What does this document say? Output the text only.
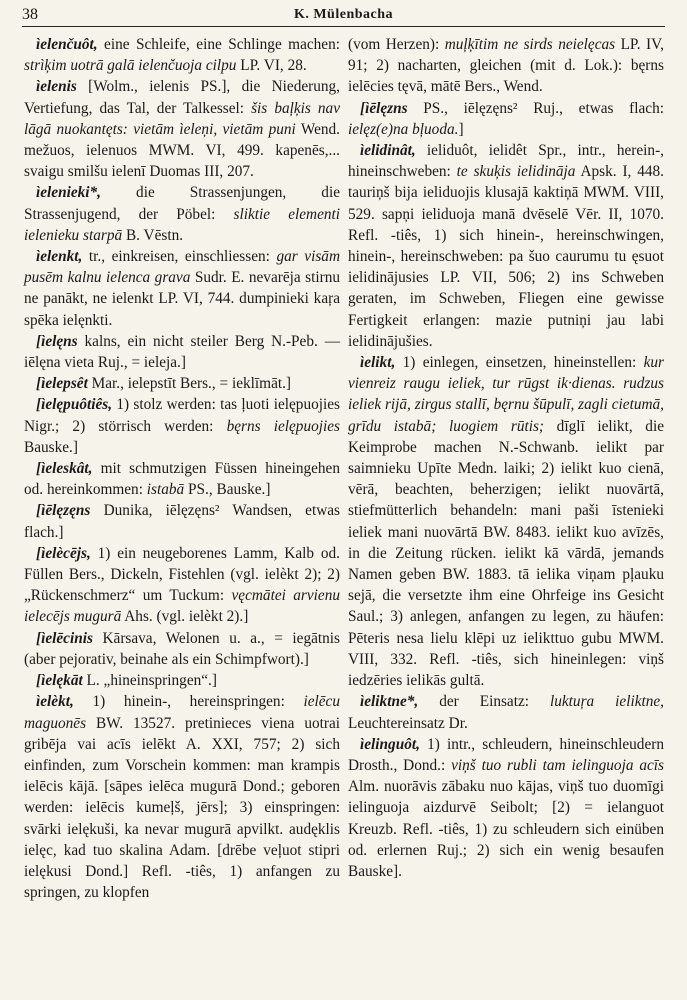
38	K. Mülenbacha

ìelenčuôt, eine Schleife, eine Schlinge machen: strìķim uotrā galā ielenčuoja cilpu LP. VI, 28.

ìelenis [Wolm., ielenis PS.], die Niederung, Vertiefung, das Tal, der Talkessel: šis baļķis nav lāgā nuokantęts: vietām ìeleņi, vietām puni Wend. mežuos, ielenuos MWM. VI, 499. kapenēs,... svaigu smilšu ielenī Duomas III, 207.

ìelenieki*, die Strassenjungen, die Strassenjugend, der Pöbel: sliktie elementi ielenieku starpā B. Vēstn.

ìelenkt, tr., einkreisen, einschliessen: gar visām pusēm kalnu ielenca grava Sudr. E. nevarēja stirnu ne panākt, ne ielenkt LP. VI, 744. dumpinieki kaŗa spēka ielęnkti.

[ìelęns kalns, ein nicht steiler Berg N.-Peb. — iēlęna vieta Ruj., = ieleja.]

[ìelepsêt Mar., ielepstīt Bers., = ieklīmāt.]

[ìelępuôtiês, 1) stolz werden: tas ļuoti ielępuojies Nigr.; 2) störrisch werden: bęrns ielępuojies Bauske.]

[ìeleskât, mit schmutzigen Füssen hineingehen od. hereinkommen: istabā PS., Bauske.]

[ìēlęzęns Dunika, iēlęzęns² Wandsen, etwas flach.]

[ìelècējs, 1) ein neugeborenes Lamm, Kalb od. Füllen Bers., Dickeln, Fistehlen (vgl. ielèkt 2); 2) „Rückenschmerz“ um Tuckum: vęcmātei arvienu ielecējs mugurā Ahs. (vgl. ielèkt 2).]

[ìelēcinis Kārsava, Welonen u. a., = iegātnis (aber pejorativ, beinahe als ein Schimpfwort).]

[ìelękāt L. „hineinspringen“.]

ìelèkt, 1) hinein-, hereinspringen: ielēcu maguonēs BW. 13527. pretinieces viena uotrai gribēja vai acīs ielēkt A. XXI, 757; 2) sich einfinden, zum Vorschein kommen: man krampis ielēcis kājā. [sāpes ielēca mugurā Dond.; geboren werden: ielēcis kumeļš, jērs]; 3) einspringen: svārki ielękuši, ka nevar mugurā apvilkt. audęklis ielęc, kad tuo skalina Adam. [drēbe veļuot stipri ielękusi Dond.] Refl. -tiês, 1) anfangen zu springen, zu klopfen

(vom Herzen): muļķītim ne sirds neielęcas LP. IV, 91; 2) nacharten, gleichen (mit d. Lok.): bęrns ielēcies tęvā, mātē Bers., Wend.

[ìēlęzns PS., iēlęzęns² Ruj., etwas flach: ielęz(e)na bļuoda.]

ìelidinât, ieliduôt, ielidêt Spr., intr., herein-, hineinschweben: te skuķis ielidināja Apsk. I, 448. tauriņš bija ieliduojis klusajā kaktiņā MWM. VIII, 529. sapņi ieliduoja manā dvēselē Vēr. II, 1070. Refl. -tiês, 1) sich hinein-, hereinschwingen, hinein-, hereinschweben: pa šuo caurumu tu ęsuot ielidinājusies LP. VII, 506; 2) ins Schweben geraten, im Schweben, Fliegen eine gewisse Fertigkeit erlangen: mazie putniņi jau labi ielidinājušies.

ìelikt, 1) einlegen, einsetzen, hineinstellen: kur vienreiz raugu ieliek, tur rūgst ik·dienas. rudzus ieliek rijā, zirgus stallī, bęrnu šūpulī, zagli cietumā, grīdu istabā; luogiem rūtis; dīglī ielikt, die Keimprobe machen N.-Schwanb. ielikt par saimnieku Upīte Medn. laiki; 2) ielikt kuo cienā, vērā, beachten, beherzigen; ielikt nuovārtā, stiefmütterlich behandeln: mani paši īstenieki ieliek mani nuovārtā BW. 8483. ielikt kuo avīzēs, in die Zeitung rücken. ielikt kā vārdā, jemands Namen geben BW. 1883. tā ielika viņam pļauku sejā, die versetzte ihm eine Ohrfeige ins Gesicht Saul.; 3) anlegen, anfangen zu legen, zu häufen: Pēteris nesa lielu klēpi uz ielikttuo gubu MWM. VIII, 332. Refl. -tiês, sich hineinlegen: viņš iedzēries ielikās gultā.

ìeliktne*, der Einsatz: luktuŗa ieliktne, Leuchtereinsatz Dr.

ìelinguôt, 1) intr., schleudern, hineinschleudern Drosth., Dond.: viņš tuo rubli tam ielinguoja acīs Alm. nuorāvis zābaku nuo kājas, viņš tuo duomīgi ielinguoja aizdurvē Seibolt; [2) = ielanguot Kreuzb. Refl. -tiês, 1) zu schleudern sich einüben od. erlernen Ruj.; 2) sich ein wenig besaufen Bauske].
